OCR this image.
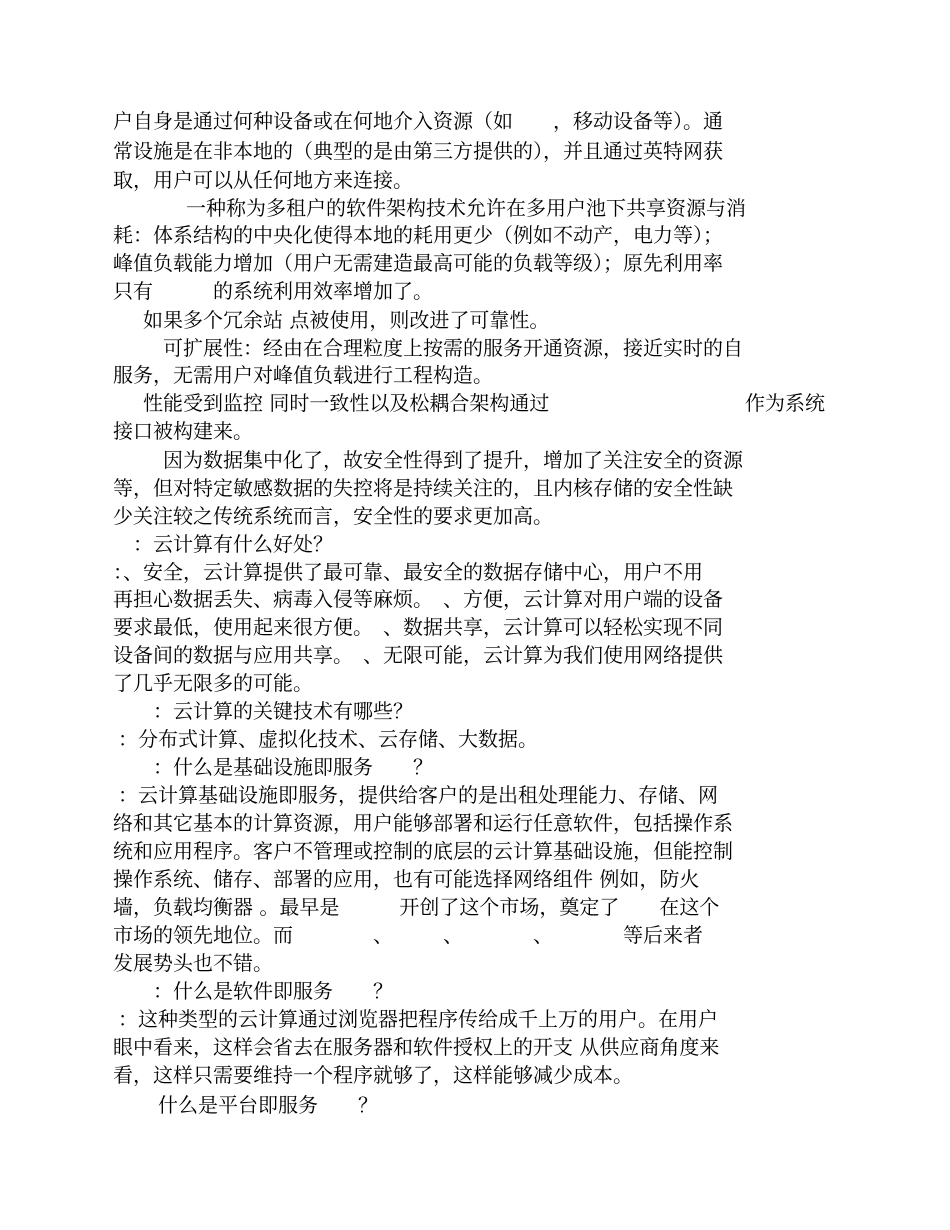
户自身是通过何种设备或在何地介入资源（如　　，移动设备等）。通
常设施是在非本地的（典型的是由第三方提供的），并且通过英特网获
取，用户可以从任何地方来连接。
一种称为多租户的软件架构技术允许在多用户池下共享资源与消
耗：体系结构的中央化使得本地的耗用更少（例如不动产，电力等）；
峰值负载能力增加（用户无需建造最高可能的负载等级）；原先利用率
只有　　　的系统利用效率增加了。
如果多个冗余站 点被使用，则改进了可靠性。
可扩展性：经由在合理粒度上按需的服务开通资源，接近实时的自
服务，无需用户对峰值负载进行工程构造。
性能受到监控 同时一致性以及松耦合架构通过	作为系统
接口被构建来。
因为数据集中化了，故安全性得到了提升，增加了关注安全的资源
等，但对特定敏感数据的失控将是持续关注的，且内核存储的安全性缺
少关注较之传统系统而言，安全性的要求更加高。
：云计算有什么好处？
：、安全，云计算提供了最可靠、最安全的数据存储中心，用户不用
再担心数据丢失、病毒入侵等麻烦。　、方便，云计算对用户端的设备
要求最低，使用起来很方便。　、数据共享，云计算可以轻松实现不同
设备间的数据与应用共享。　、无限可能，云计算为我们使用网络提供
了几乎无限多的可能。
：云计算的关键技术有哪些？
：分布式计算、虚拟化技术、云存储、大数据。
：什么是基础设施即服务　　？
：云计算基础设施即服务，提供给客户的是出租处理能力、存储、网
络和其它基本的计算资源，用户能够部署和运行任意软件，包括操作系
统和应用程序。客户不管理或控制的底层的云计算基础设施，但能控制
操作系统、储存、部署的应用，也有可能选择网络组件 例如，防火
墙，负载均衡器 。最早是　　　开创了这个市场，奠定了　　在这个
市场的领先地位。而　　　　、　　　、　　　　、　　　　等后来者
发展势头也不错。
：什么是软件即服务　　？
：这种类型的云计算通过浏览器把程序传给成千上万的用户。在用户
眼中看来，这样会省去在服务器和软件授权上的开支 从供应商角度来
看，这样只需要维持一个程序就够了，这样能够减少成本。
什么是平台即服务　　？
